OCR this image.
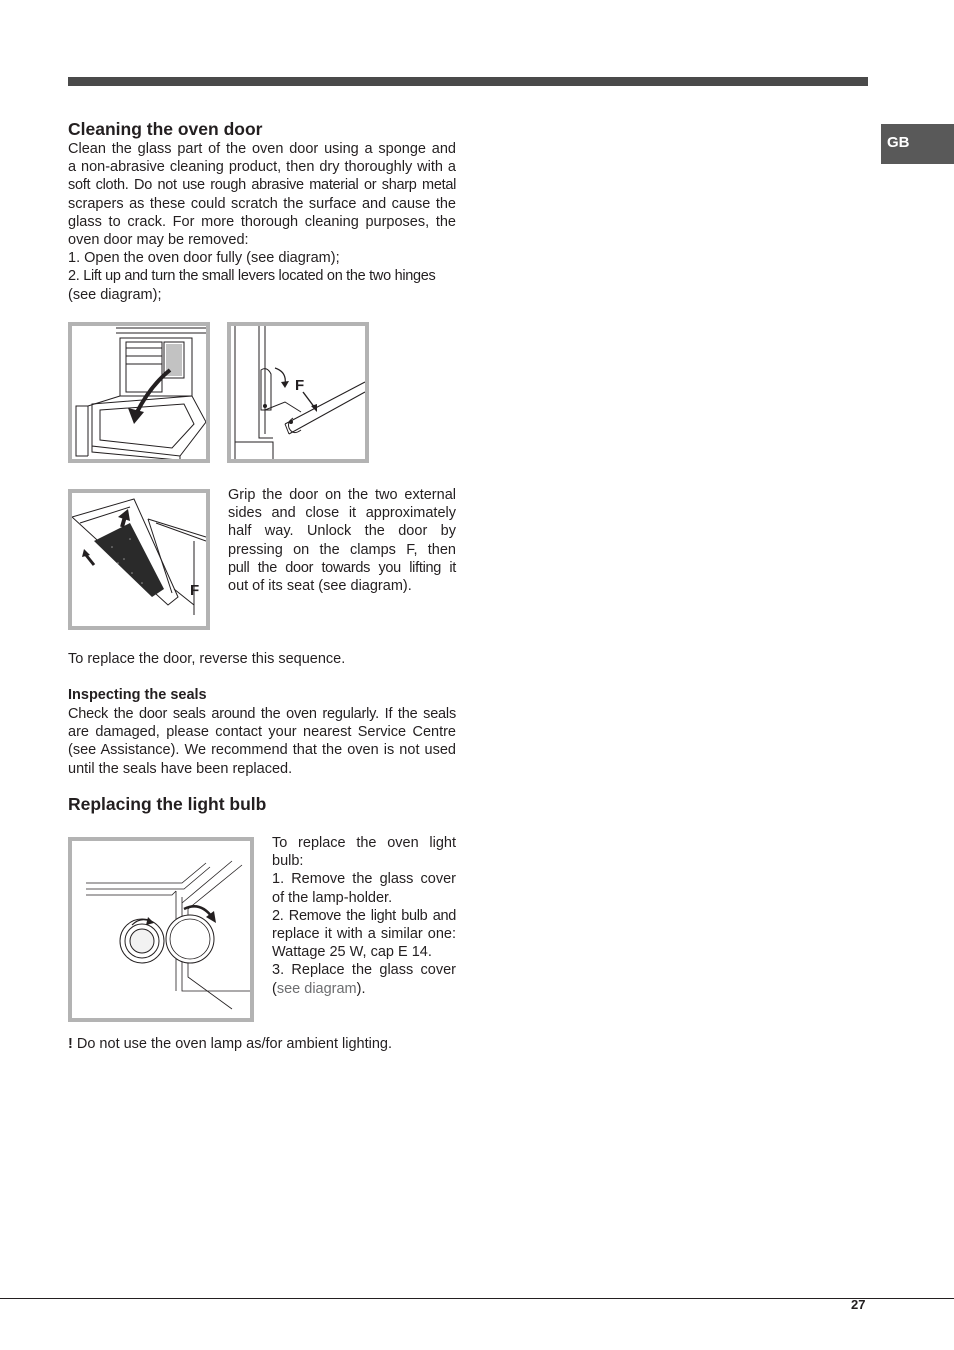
GB
Cleaning the oven door
Clean the glass part of the oven door using a sponge and
a non-abrasive cleaning product, then dry thoroughly with a
soft cloth. Do not use rough abrasive material or sharp metal
scrapers as these could scratch the surface and cause the
glass to crack. For more thorough cleaning purposes, the
oven door may be removed:
1. Open the oven door fully (see diagram);
2. Lift up and turn the small levers located on the two hinges
(see diagram);
F
F
Grip the door on the two external
sides and close it approximately
half way. Unlock the door by
pressing on the clamps F, then
pull the door towards you lifting it
out of its seat (see diagram).
To replace the door, reverse this sequence.
Inspecting the seals
Check the door seals around the oven regularly. If the seals
are damaged, please contact your nearest Service Centre
(see Assistance). We recommend that the oven is not used
until the seals have been replaced.
Replacing the light bulb
To replace the oven light
bulb:
1. Remove the glass cover
of the lamp-holder.
2. Remove the light bulb and
replace it with a similar one:
Wattage 25 W, cap E 14.
3. Replace the glass cover
(see diagram).
! Do not use the oven lamp as/for ambient lighting.
27
